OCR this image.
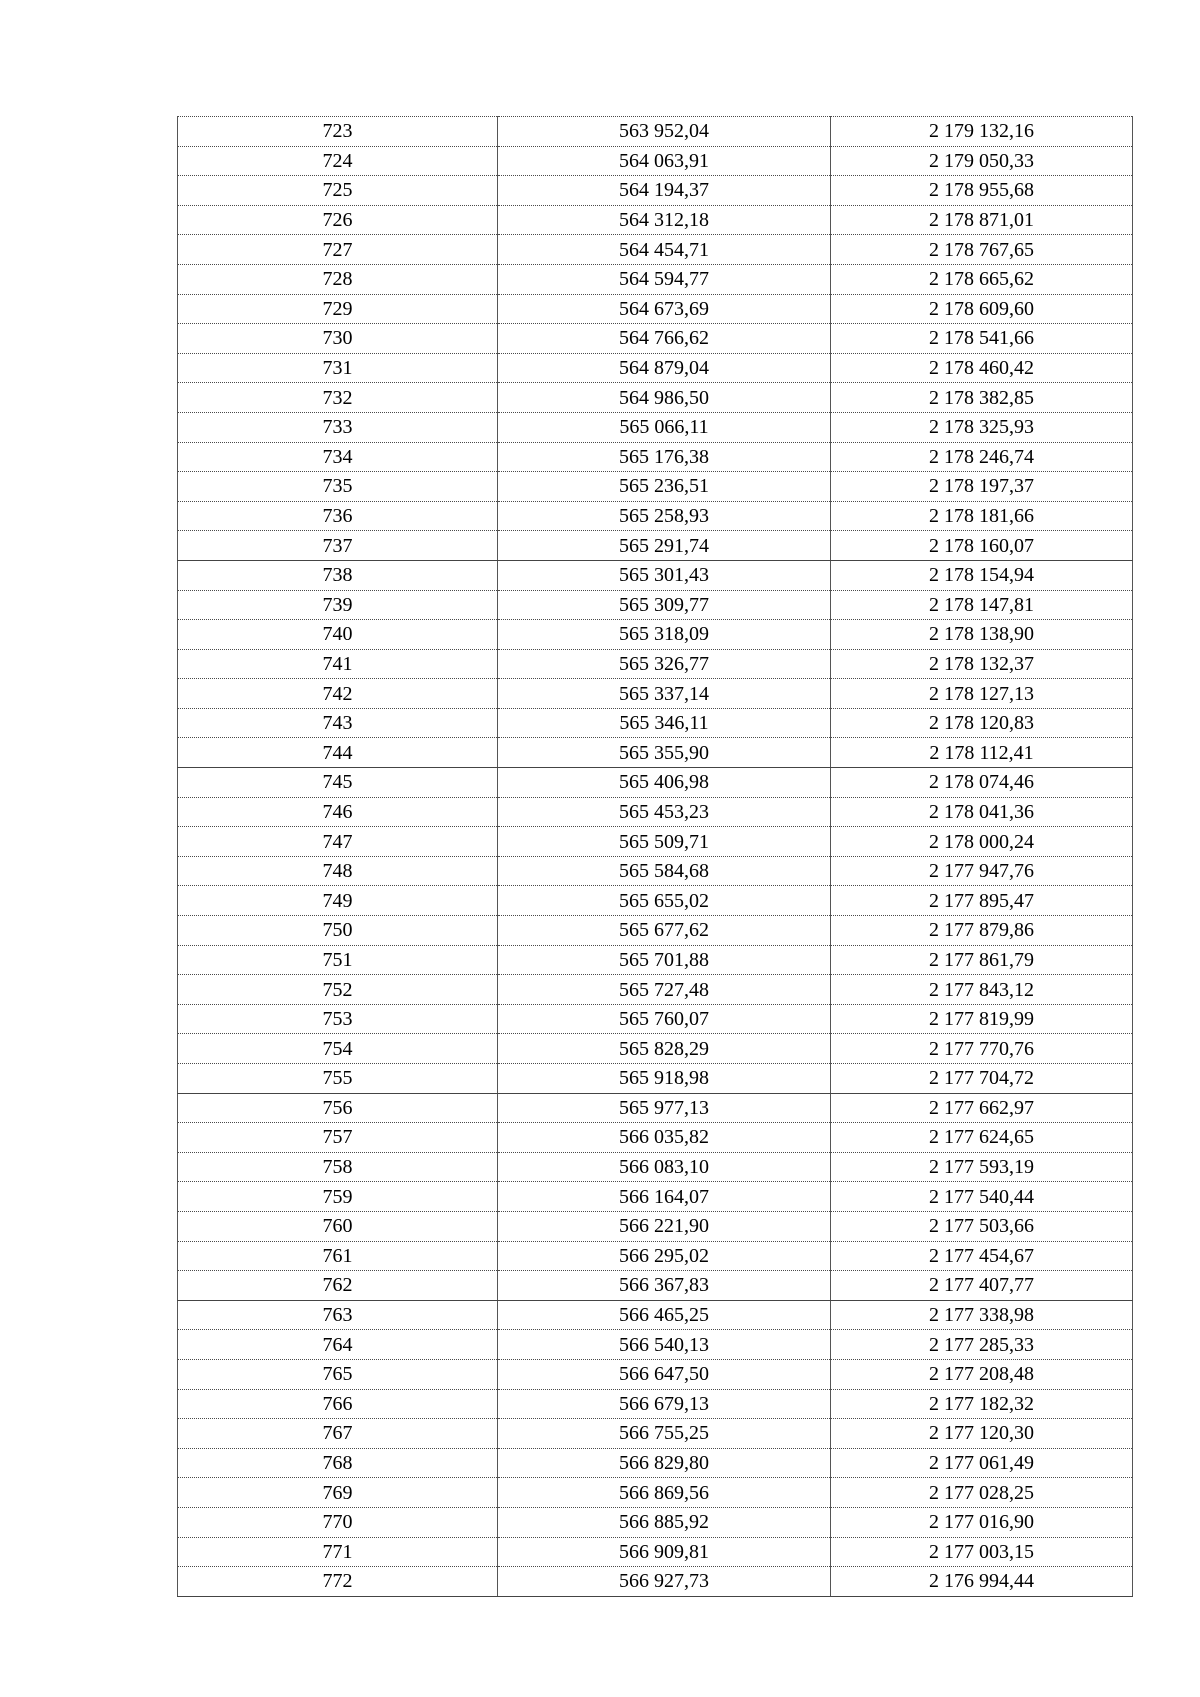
723	563 952,04	2 179 132,16
724	564 063,91	2 179 050,33
725	564 194,37	2 178 955,68
726	564 312,18	2 178 871,01
727	564 454,71	2 178 767,65
728	564 594,77	2 178 665,62
729	564 673,69	2 178 609,60
730	564 766,62	2 178 541,66
731	564 879,04	2 178 460,42
732	564 986,50	2 178 382,85
733	565 066,11	2 178 325,93
734	565 176,38	2 178 246,74
735	565 236,51	2 178 197,37
736	565 258,93	2 178 181,66
737	565 291,74	2 178 160,07
738	565 301,43	2 178 154,94
739	565 309,77	2 178 147,81
740	565 318,09	2 178 138,90
741	565 326,77	2 178 132,37
742	565 337,14	2 178 127,13
743	565 346,11	2 178 120,83
744	565 355,90	2 178 112,41
745	565 406,98	2 178 074,46
746	565 453,23	2 178 041,36
747	565 509,71	2 178 000,24
748	565 584,68	2 177 947,76
749	565 655,02	2 177 895,47
750	565 677,62	2 177 879,86
751	565 701,88	2 177 861,79
752	565 727,48	2 177 843,12
753	565 760,07	2 177 819,99
754	565 828,29	2 177 770,76
755	565 918,98	2 177 704,72
756	565 977,13	2 177 662,97
757	566 035,82	2 177 624,65
758	566 083,10	2 177 593,19
759	566 164,07	2 177 540,44
760	566 221,90	2 177 503,66
761	566 295,02	2 177 454,67
762	566 367,83	2 177 407,77
763	566 465,25	2 177 338,98
764	566 540,13	2 177 285,33
765	566 647,50	2 177 208,48
766	566 679,13	2 177 182,32
767	566 755,25	2 177 120,30
768	566 829,80	2 177 061,49
769	566 869,56	2 177 028,25
770	566 885,92	2 177 016,90
771	566 909,81	2 177 003,15
772	566 927,73	2 176 994,44
